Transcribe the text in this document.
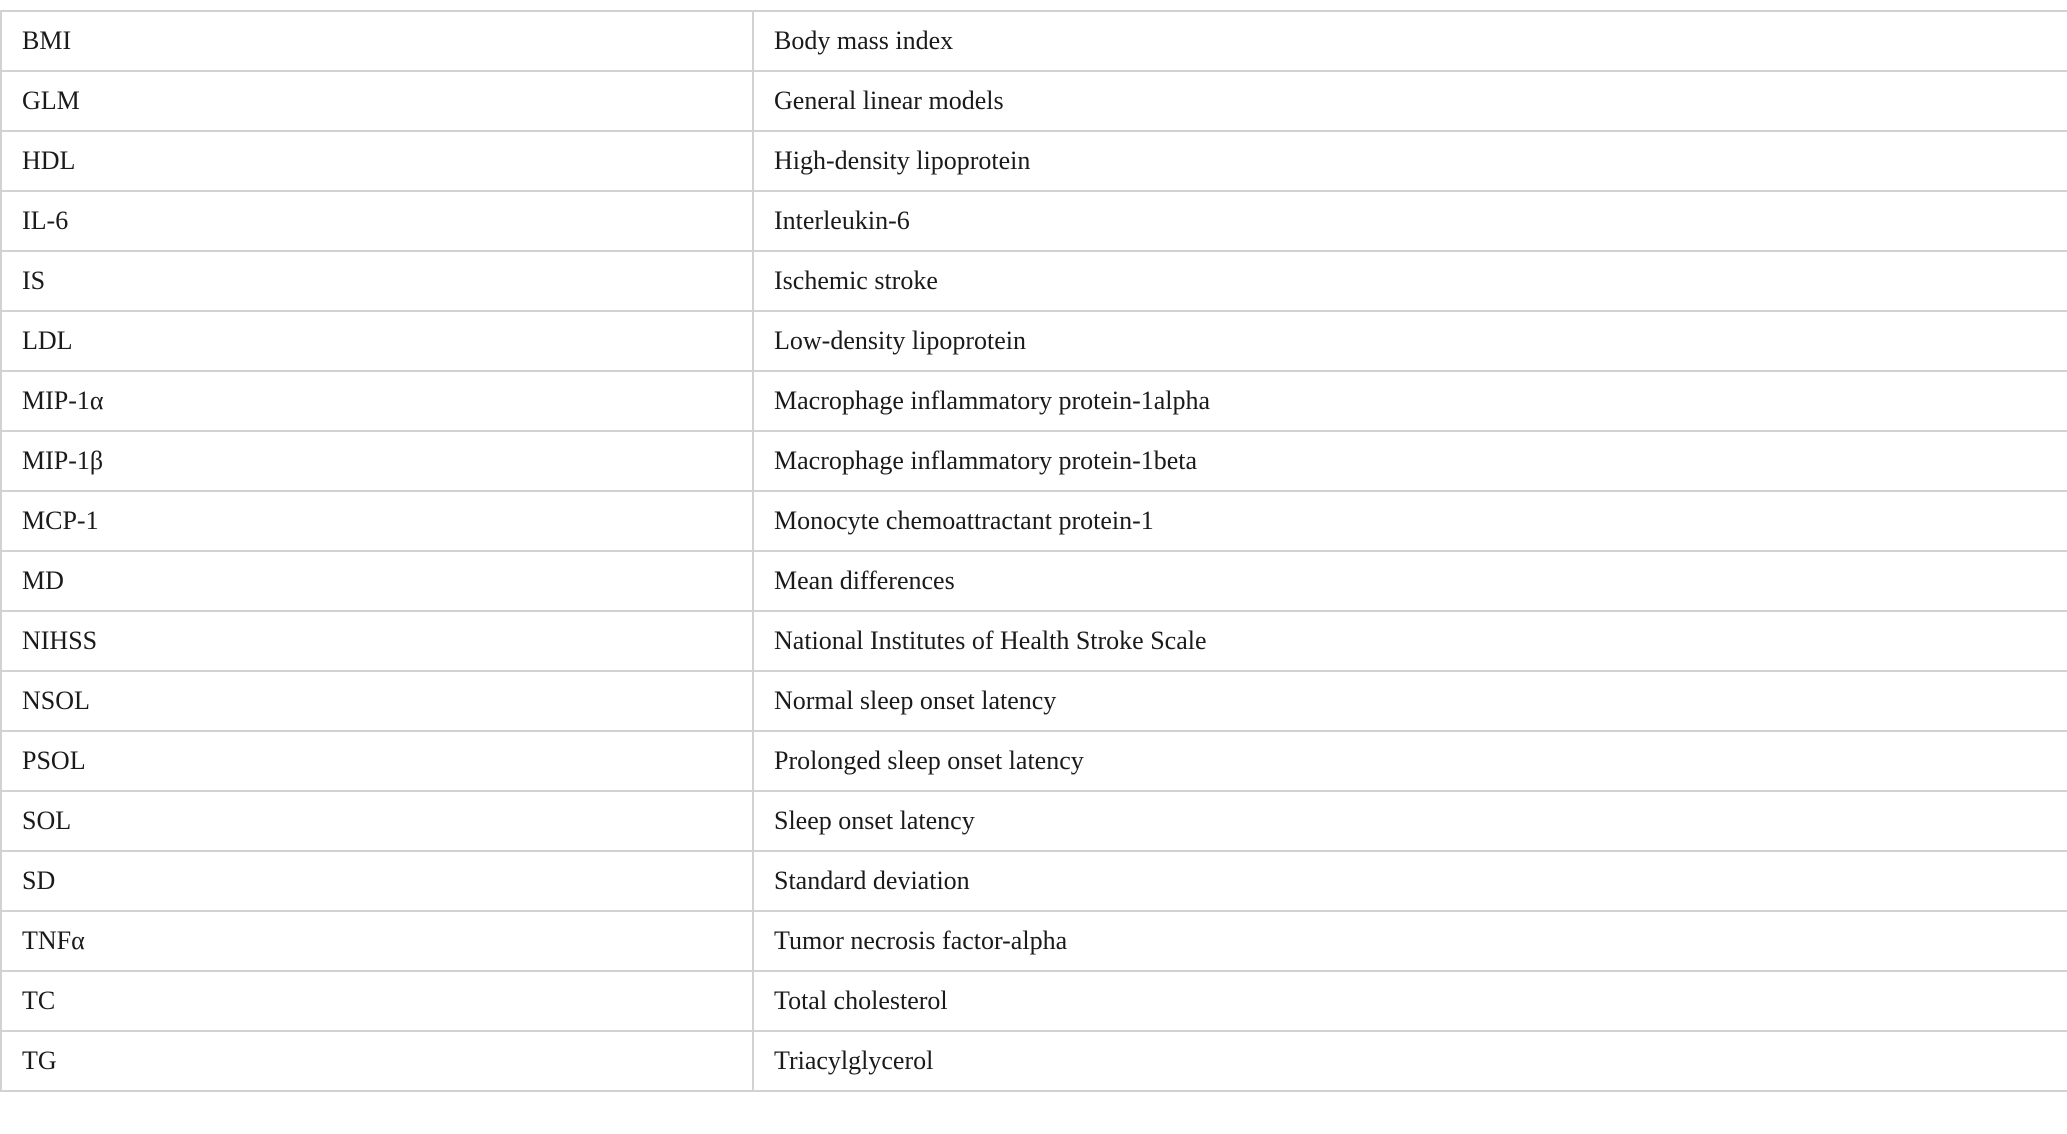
BMI	Body mass index
GLM	General linear models
HDL	High-density lipoprotein
IL-6	Interleukin-6
IS	Ischemic stroke
LDL	Low-density lipoprotein
MIP-1α	Macrophage inflammatory protein-1alpha
MIP-1β	Macrophage inflammatory protein-1beta
MCP-1	Monocyte chemoattractant protein-1
MD	Mean differences
NIHSS	National Institutes of Health Stroke Scale
NSOL	Normal sleep onset latency
PSOL	Prolonged sleep onset latency
SOL	Sleep onset latency
SD	Standard deviation
TNFα	Tumor necrosis factor-alpha
TC	Total cholesterol
TG	Triacylglycerol
